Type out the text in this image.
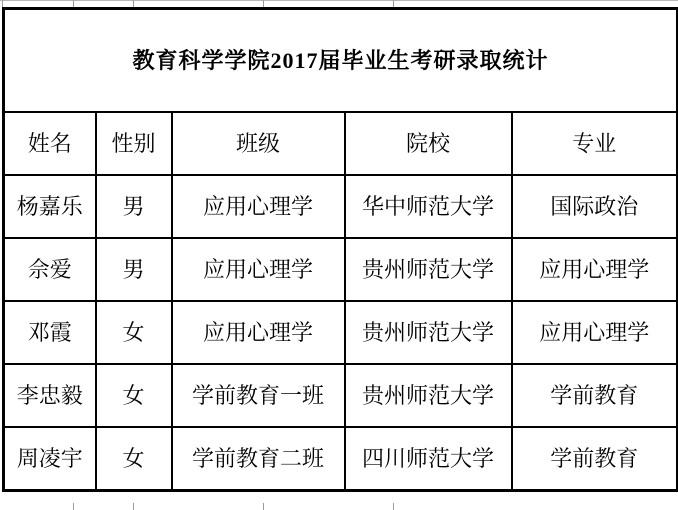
教育科学学院2017届毕业生考研录取统计				
姓名	性别	班级	院校	专业
杨嘉乐	男	应用心理学	华中师范大学	国际政治
佘爱	男	应用心理学	贵州师范大学	应用心理学
邓霞	女	应用心理学	贵州师范大学	应用心理学
李忠毅	女	学前教育一班	贵州师范大学	学前教育
周凌宇	女	学前教育二班	四川师范大学	学前教育
